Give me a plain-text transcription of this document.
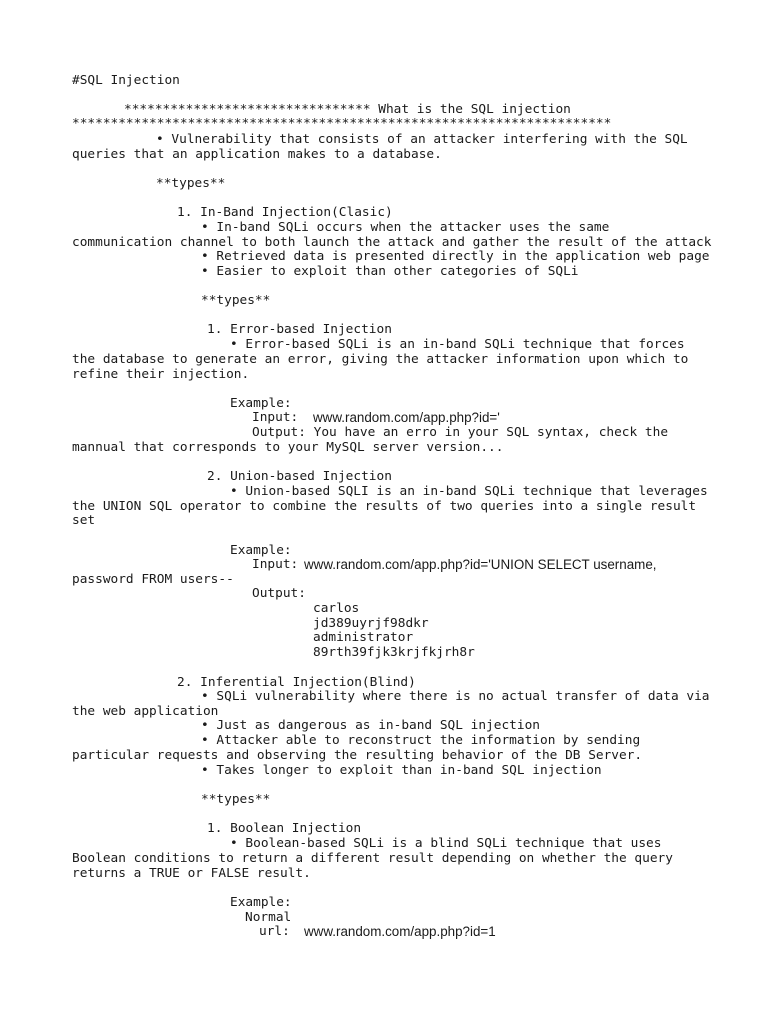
#SQL Injection
******************************** What is the SQL injection
**********************************************************************
• Vulnerability that consists of an attacker interfering with the SQL
queries that an application makes to a database.
**types**
1. In-Band Injection(Clasic)
• In-band SQLi occurs when the attacker uses the same
communication channel to both launch the attack and gather the result of the attack
• Retrieved data is presented directly in the application web page
• Easier to exploit than other categories of SQLi
**types**
1. Error-based Injection
• Error-based SQLi is an in-band SQLi technique that forces
the database to generate an error, giving the attacker information upon which to
refine their injection.
Example:
Input: www.random.com/app.php?id='
Output: You have an erro in your SQL syntax, check the
mannual that corresponds to your MySQL server version...
2. Union-based Injection
• Union-based SQLI is an in-band SQLi technique that leverages
the UNION SQL operator to combine the results of two queries into a single result
set
Example:
Input: www.random.com/app.php?id='UNION SELECT username,
password FROM users--
Output:
carlos
jd389uyrjf98dkr
administrator
89rth39fjk3krjfkjrh8r
2. Inferential Injection(Blind)
• SQLi vulnerability where there is no actual transfer of data via
the web application
• Just as dangerous as in-band SQL injection
• Attacker able to reconstruct the information by sending
particular requests and observing the resulting behavior of the DB Server.
• Takes longer to exploit than in-band SQL injection
**types**
1. Boolean Injection
• Boolean-based SQLi is a blind SQLi technique that uses
Boolean conditions to return a different result depending on whether the query
returns a TRUE or FALSE result.
Example:
Normal
url: www.random.com/app.php?id=1
